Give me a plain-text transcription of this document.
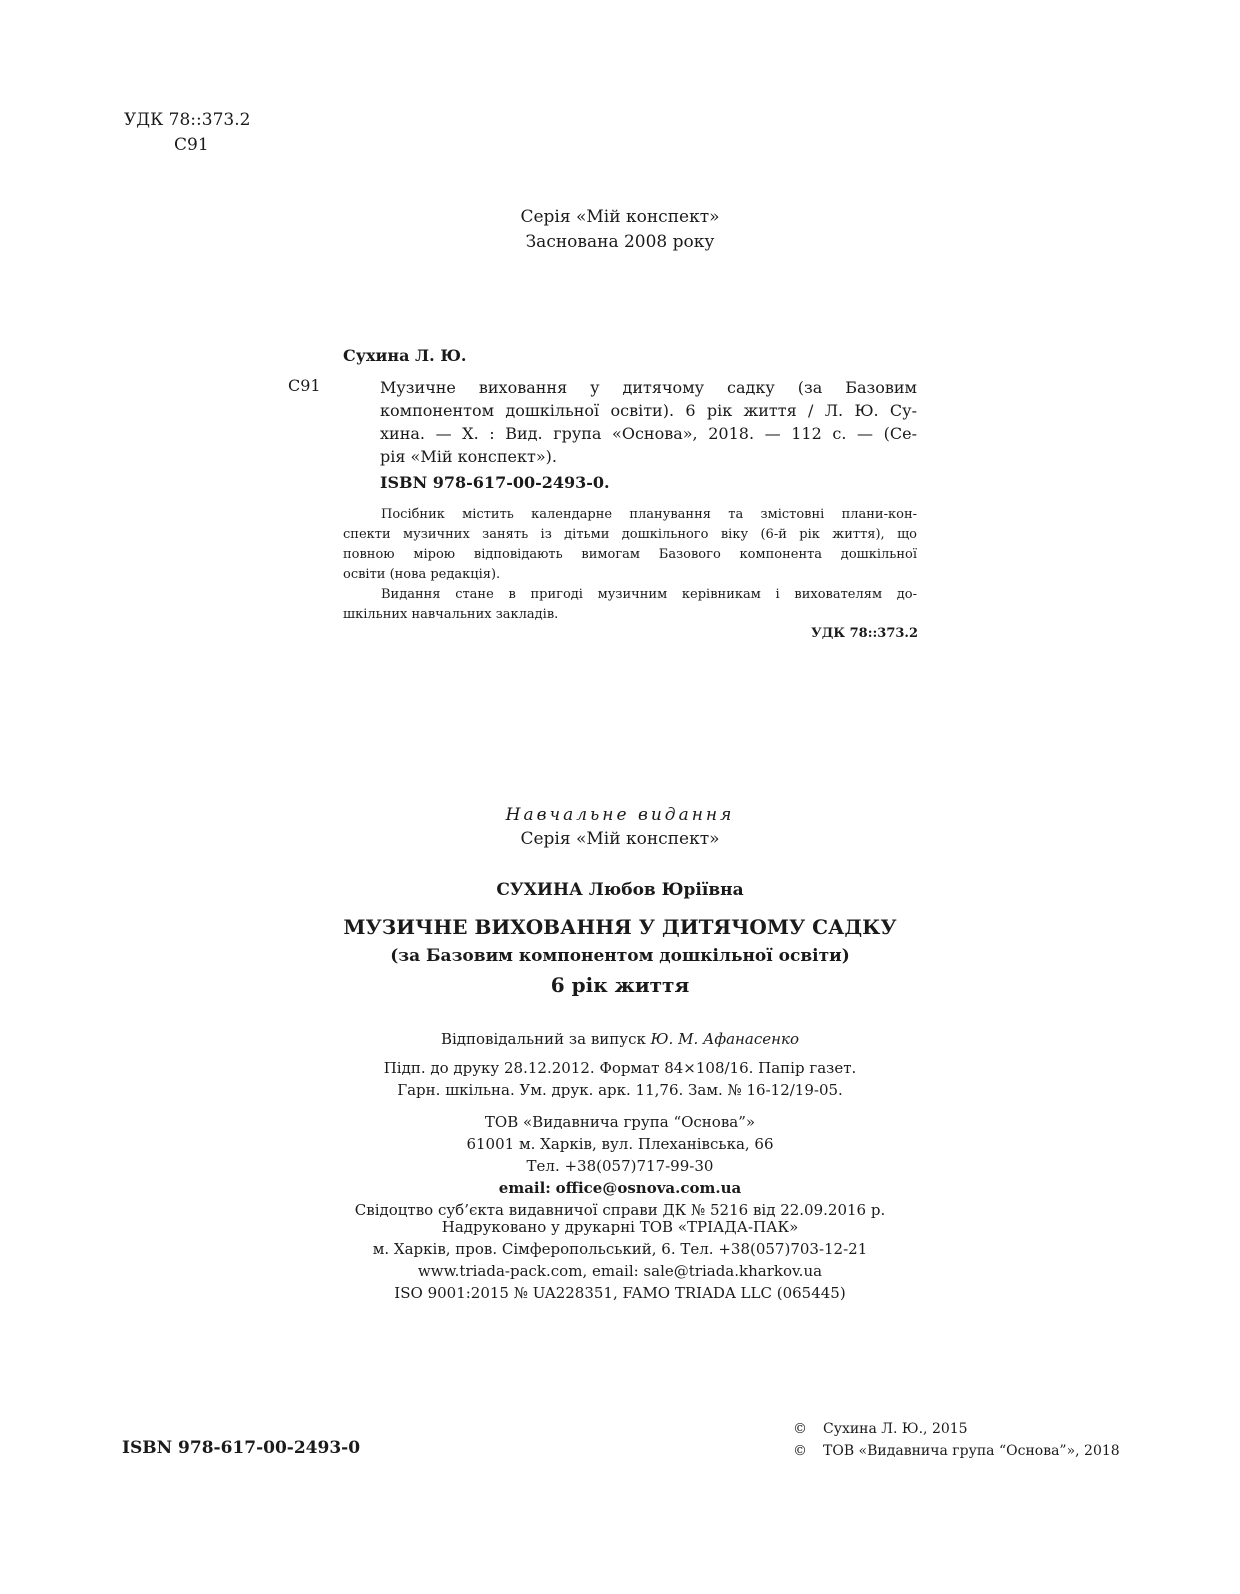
УДК 78::373.2
С91
Серія «Мій конспект»
Заснована 2008 року
Сухина Л. Ю.
С91	Музичне виховання у дитячому садку (за Базовим
компонентом дошкільної освіти). 6 рік життя / Л. Ю. Су-
хина. — Х. : Вид. група «Основа», 2018. — 112 с. — (Се-
рія «Мій конспект»).
ISBN 978-617-00-2493-0.
Посібник містить календарне планування та змістовні плани-кон-
спекти музичних занять із дітьми дошкільного віку (6-й рік життя), що
повною мірою відповідають вимогам Базового компонента дошкільної
освіти (нова редакція).
Видання стане в пригоді музичним керівникам і вихователям до-
шкільних навчальних закладів.
УДК 78::373.2
Навчальне видання
Серія «Мій конспект»
СУХИНА Любов Юріївна
МУЗИЧНЕ ВИХОВАННЯ У ДИТЯЧОМУ САДКУ
(за Базовим компонентом дошкільної освіти)
6 рік життя
Відповідальний за випуск Ю. М. Афанасенко
Підп. до друку 28.12.2012. Формат 84×108/16. Папір газет.
Гарн. шкільна. Ум. друк. арк. 11,76. Зам. № 16-12/19-05.
ТОВ «Видавнича група “Основа”»
61001 м. Харків, вул. Плеханівська, 66
Тел. +38(057)717-99-30
email: office@osnova.com.ua
Свідоцтво суб’єкта видавничої справи ДК № 5216 від 22.09.2016 р.
Надруковано у друкарні ТОВ «ТРІАДА-ПАК»
м. Харків, пров. Сімферопольський, 6. Тел. +38(057)703-12-21
www.triada-pack.com, email: sale@triada.kharkov.ua
ISO 9001:2015 № UA228351, FAMO TRIADA LLC (065445)
ISBN 978-617-00-2493-0
© Сухина Л. Ю., 2015
© ТОВ «Видавнича група “Основа”», 2018
